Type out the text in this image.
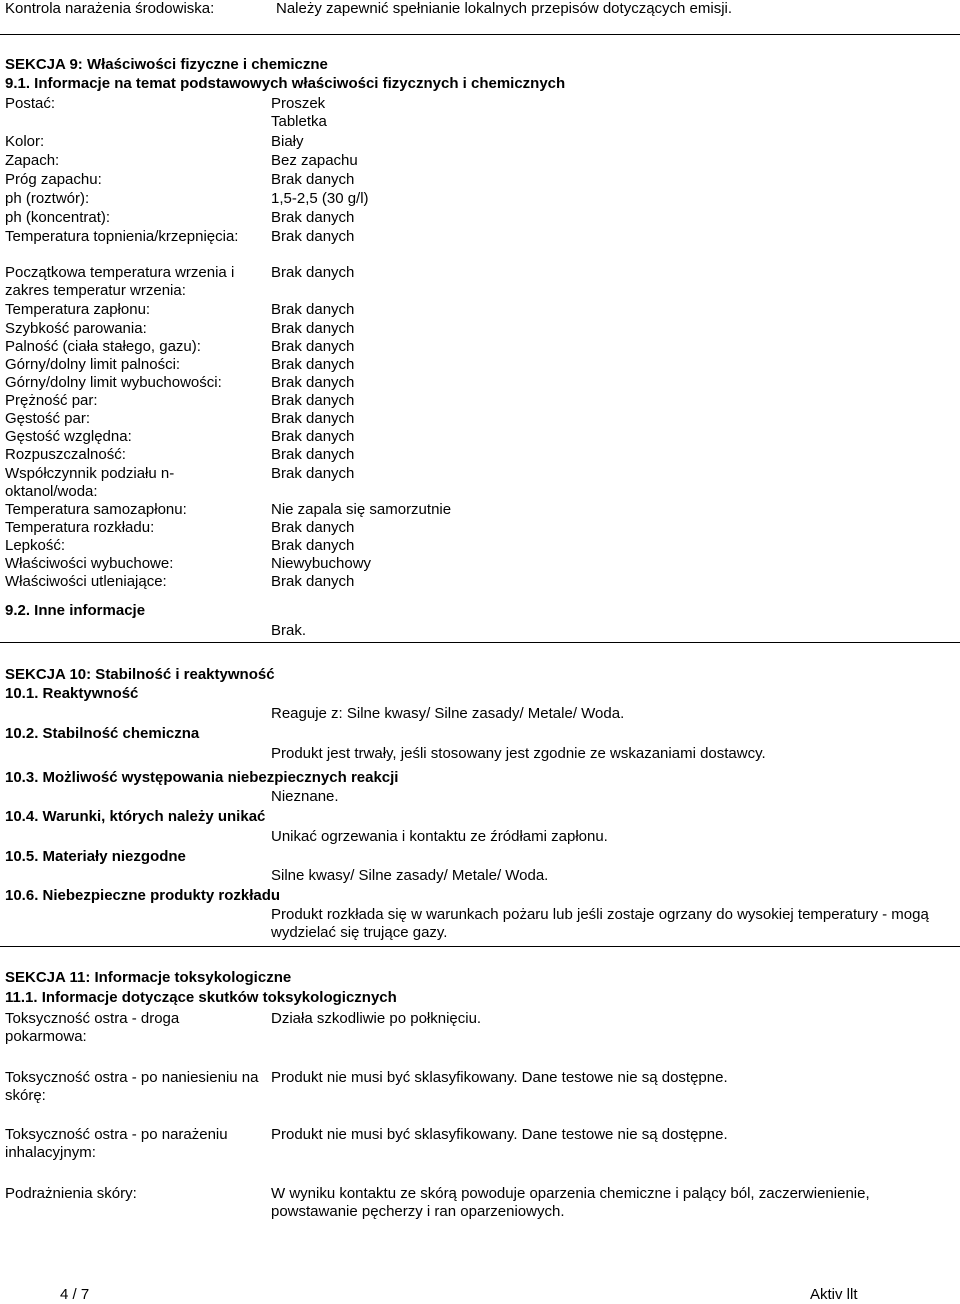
Kontrola narażenia środowiska:	Należy zapewnić spełnianie lokalnych przepisów dotyczących emisji.
SEKCJA 9: Właściwości fizyczne i chemiczne
9.1. Informacje na temat podstawowych właściwości fizycznych i chemicznych
Postać:	Proszek
Tabletka
Kolor:	Biały
Zapach:	Bez zapachu
Próg zapachu:	Brak danych
ph (roztwór):	1,5-2,5 (30 g/l)
ph (koncentrat):	Brak danych
Temperatura topnienia/krzepnięcia:	Brak danych
Początkowa temperatura wrzenia i zakres temperatur wrzenia:
Brak danych
Temperatura zapłonu:	Brak danych
Szybkość parowania:	Brak danych
Palność (ciała stałego, gazu):	Brak danych
Górny/dolny limit palności:	Brak danych
Górny/dolny limit wybuchowości:	Brak danych
Prężność par:	Brak danych
Gęstość par:	Brak danych
Gęstość względna:	Brak danych
Rozpuszczalność:	Brak danych
Współczynnik podziału n-oktanol/woda:
Brak danych
Temperatura samozapłonu:	Nie zapala się samorzutnie
Temperatura rozkładu:	Brak danych
Lepkość:	Brak danych
Właściwości wybuchowe:	Niewybuchowy
Właściwości utleniające:	Brak danych
9.2. Inne informacje
Brak.
SEKCJA 10: Stabilność i reaktywność
10.1. Reaktywność
Reaguje z: Silne kwasy/ Silne zasady/ Metale/ Woda.
10.2. Stabilność chemiczna
Produkt jest trwały, jeśli stosowany jest zgodnie ze wskazaniami dostawcy.
10.3. Możliwość występowania niebezpiecznych reakcji
Nieznane.
10.4. Warunki, których należy unikać
Unikać ogrzewania i kontaktu ze źródłami zapłonu.
10.5. Materiały niezgodne
Silne kwasy/ Silne zasady/ Metale/ Woda.
10.6. Niebezpieczne produkty rozkładu
Produkt rozkłada się w warunkach pożaru lub jeśli zostaje ogrzany do wysokiej temperatury - mogą wydzielać się trujące gazy.
SEKCJA 11: Informacje toksykologiczne
11.1. Informacje dotyczące skutków toksykologicznych
Toksyczność ostra - droga pokarmowa:
Działa szkodliwie po połknięciu.
Toksyczność ostra - po naniesieniu na skórę:
Produkt nie musi być sklasyfikowany. Dane testowe nie są dostępne.
Toksyczność ostra - po narażeniu inhalacyjnym:
Produkt nie musi być sklasyfikowany. Dane testowe nie są dostępne.
Podrażnienia skóry:	W wyniku kontaktu ze skórą powoduje oparzenia chemiczne i palący ból, zaczerwienienie, powstawanie pęcherzy i ran oparzeniowych.
4 / 7	Aktiv llt
